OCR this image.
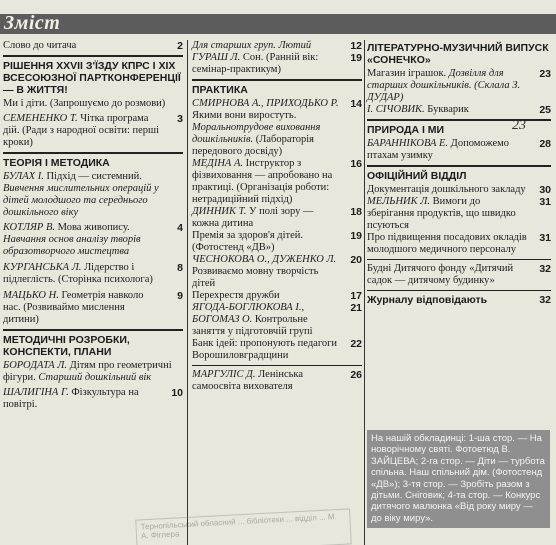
Зміст
Слово до читача	2
РІШЕННЯ XXVII З'ЇЗДУ КПРС І XIX ВСЕСОЮЗНОЇ ПАРТКОНФЕРЕНЦІЇ — В ЖИТТЯ!
Ми і діти. (Запрошуємо до розмови)
СЕМЕНЕНКО Т. Чітка програма дій. (Ради з народної освіти: перші кроки)
3
ТЕОРІЯ І МЕТОДИКА
БУЛАХ І. Підхід — системний. Вивчення мислительних операцій у дітей молодшого та середнього дошкільного віку
КОТЛЯР В. Мова живопису. Навчання основ аналізу творів образотворчого мистецтва
4
КУРГАНСЬКА Л. Лідерство і підлеглість. (Сторінка психолога)
8
МАЦЬКО Н. Геометрія навколо нас. (Розвиваймо мислення дитини)
9
МЕТОДИЧНІ РОЗРОБКИ, КОНСПЕКТИ, ПЛАНИ
БОРОДАТА Л. Дітям про геометричні фігури. Старший дошкільний вік
ШАЛИГІНА Г. Фізкультура на повітрі.
10
Для старших груп. Лютий	12
ГУРАШ Л. Сон. (Ранній вік: семінар-практикум)
19
ПРАКТИКА
СМИРНОВА А., ПРИХОДЬКО Р. Якими вони виростуть. Моральнотрудове виховання дошкільників. (Лабораторія передового досвіду)
14
МЕДІНА А. Інструктор з фізвиховання — апробовано на практиці. (Організація роботи: нетрадиційний підхід)
16
ДИННИК Т. У полі зору — кожна дитина
18
Премія за здоров'я дітей. (Фотостенд «ДВ»)
19
ЧЕСНОКОВА О., ДУЖЕНКО Л. Розвиваємо мовну творчість дітей
20
Перехрестя дружби	17
ЯГОДА-БОГЛЮКОВА І., БОГОМАЗ О. Контрольне заняття у підготовчій групі
21
Банк ідей: пропонують педагоги Ворошиловградщини
22
МАРГУЛІС Д. Ленінська самоосвіта вихователя
26
ЛІТЕРАТУРНО-МУЗИЧНИЙ ВИПУСК «СОНЕЧКО»
Магазин іграшок. Дозвілля для старших дошкільників. (Склала З. ДУДАР)
23
І. СІЧОВИК. Букварик	25
ПРИРОДА І МИ
БАРАННІКОВА Е. Допоможемо птахам узимку
28
ОФІЦІЙНИЙ ВІДДІЛ
Документація дошкільного закладу	30
МЕЛЬНИК Л. Вимоги до зберігання продуктів, що швидко псуються
31
Про підвищення посадових окладів молодшого медичного персоналу
31
Будні Дитячого фонду «Дитячий садок — дитячому будинку»
32
Журналу відповідають	32
На нашій обкладинці: 1-ша стор. — На новорічному святі. Фотоетюд В. ЗАЙЦЕВА; 2-га стор. — Діти — турбота спільна. Наш спільний дім. (Фотостенд «ДВ»); 3-тя стор. — Зробіть разом з дітьми. Сніговик; 4-та стор. — Конкурс дитячого малюнка «Від року миру — до віку миру».
23
Тернопільський обласний ... бібліотеки ... відділ ... М. А. Фіглера
